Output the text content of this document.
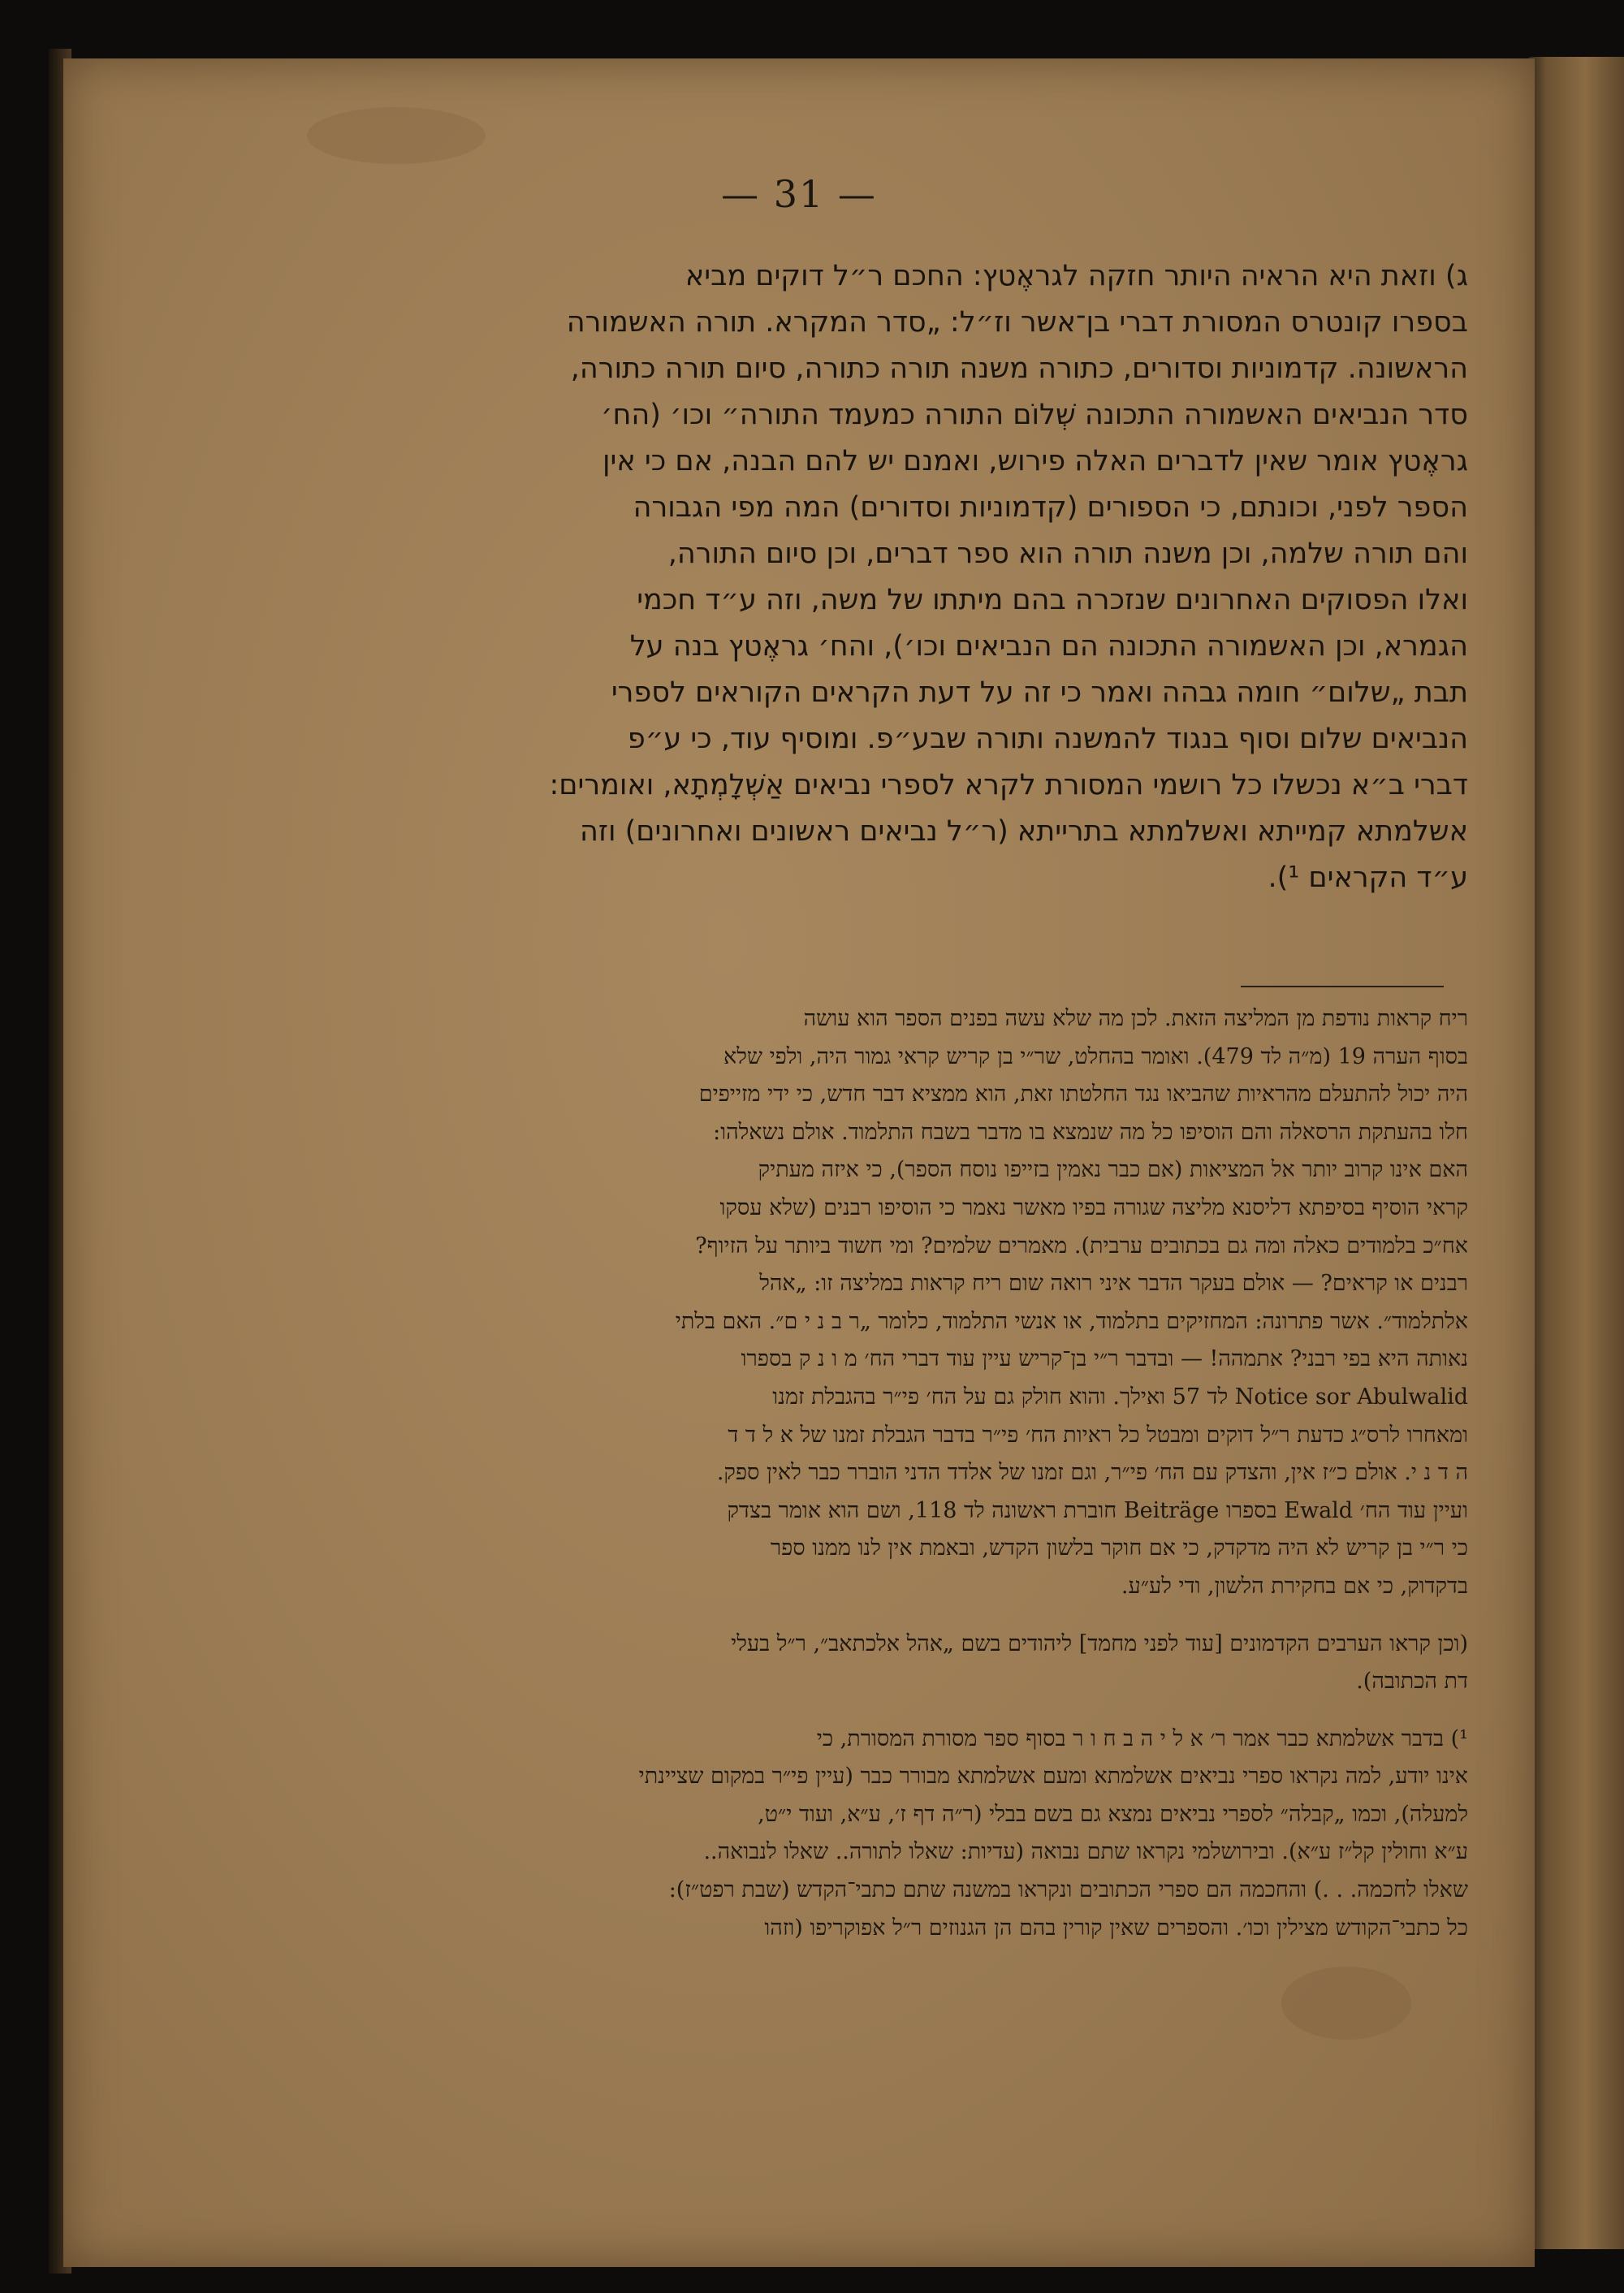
— 31 —

ג) וזאת היא הראיה היותר חזקה לגראֶטץ: החכם ר״ל דוקים מביא

בספרו קונטרס המסורת דברי בן־אשר וז״ל: „סדר המקרא. תורה האשמורה

הראשונה. קדמוניות וסדורים, כתורה משנה תורה כתורה, סיום תורה כתורה,

סדר הנביאים האשמורה התכונה שְׁלוֹם התורה כמעמד התורה״ וכו׳ (הח׳

גראֶטץ אומר שאין לדברים האלה פירוש, ואמנם יש להם הבנה, אם כי אין

הספר לפני, וכונתם, כי הספורים (קדמוניות וסדורים) המה מפי הגבורה

והם תורה שלמה, וכן משנה תורה הוא ספר דברים, וכן סיום התורה,

ואלו הפסוקים האחרונים שנזכרה בהם מיתתו של משה, וזה ע״ד חכמי

הגמרא, וכן האשמורה התכונה הם הנביאים וכו׳), והח׳ גראֶטץ בנה על

תבת „שלום״ חומה גבהה ואמר כי זה על דעת הקראים הקוראים לספרי

הנביאים שלום וסוף בנגוד להמשנה ותורה שבע״פ. ומוסיף עוד, כי ע״פ

דברי ב״א נכשלו כל רושמי המסורת לקרא לספרי נביאים אַשְׁלָמְתָא, ואומרים:

אשלמתא קמייתא ואשלמתא בתרייתא (ר״ל נביאים ראשונים ואחרונים) וזה

ע״ד הקראים ¹).

ריח קראות נודפת מן המליצה הזאת. לכן מה שלא עשה בפנים הספר הוא עושה

בסוף הערה 19 (מ״ה לד 479). ואומר בהחלט, שר״י בן קריש קראי גמור היה, ולפי שלא

היה יכול להתעלם מהראיות שהביאו נגד החלטתו זאת, הוא ממציא דבר חדש, כי ידי מזייפים

חלו בהעתקת הרסאלה והם הוסיפו כל מה שנמצא בו מדבר בשבח התלמוד. אולם נשאלהו:

האם אינו קרוב יותר אל המציאות (אם כבר נאמין בזייפו נוסח הספר), כי איזה מעתיק

קראי הוסיף בסיפתא דליסנא מליצה שגורה בפיו מאשר נאמר כי הוסיפו רבנים (שלא עסקו

אח״כ בלמודים כאלה ומה גם בכתובים ערבית). מאמרים שלמים? ומי חשוד ביותר על הזיוף?

רבנים או קראים? — אולם בעקר הדבר איני רואה שום ריח קראות במליצה זו: „אהל

אלתלמוד״. אשר פתרונה: המחזיקים בתלמוד, או אנשי התלמוד, כלומר „ר ב נ י ם״. האם בלתי

נאותה היא בפי רבני? אתמהה! — ובדבר ר״י בן־קריש עיין עוד דברי הח׳ מ ו נ ק בספרו

Notice sor Abulwalid לד 57 ואילך. והוא חולק גם על הח׳ פי״ר בהגבלת זמנו

ומאחרו לרס״ג כדעת ר״ל דוקים ומבטל כל ראיות הח׳ פי״ר בדבר הגבלת זמנו של א ל ד ד

ה ד נ י. אולם כ״ז אין, והצדק עם הח׳ פי״ר, וגם זמנו של אלדד הדני הוברר כבר לאין ספק.

ועיין עוד הח׳ Ewald בספרו Beiträge חוברת ראשונה לד 118, ושם הוא אומר בצדק

כי ר״י בן קריש לא היה מדקדק, כי אם חוקר בלשון הקדש, ובאמת אין לנו ממנו ספר

בדקדוק, כי אם בחקירת הלשון, ודי לע״ע.

(וכן קראו הערבים הקדמונים [עוד לפני מחמד] ליהודים בשם „אהל אלכתאב״, ר״ל בעלי

דת הכתובה).

¹) בדבר אשלמתא כבר אמר ר׳ א ל י ה ב ח ו ר בסוף ספר מסורת המסורת, כי

אינו יודע, למה נקראו ספרי נביאים אשלמתא ומעם אשלמתא מבורר כבר (עיין פי״ר במקום שציינתי

למעלה), וכמו „קבלה״ לספרי נביאים נמצא גם בשם בבלי (ר״ה דף ז׳, ע״א, ועוד י״ט,

ע״א וחולין קל״ז ע״א). ובירושלמי נקראו שתם נבואה (עדיות: שאלו לתורה.. שאלו לנבואה..

שאלו לחכמה. . .) והחכמה הם ספרי הכתובים ונקראו במשנה שתם כתבי־הקדש (שבת רפט״ז):

כל כתבי־הקודש מצילין וכו׳. והספרים שאין קורין בהם הן הגנוזים ר״ל אפוקריפו (וזהו
